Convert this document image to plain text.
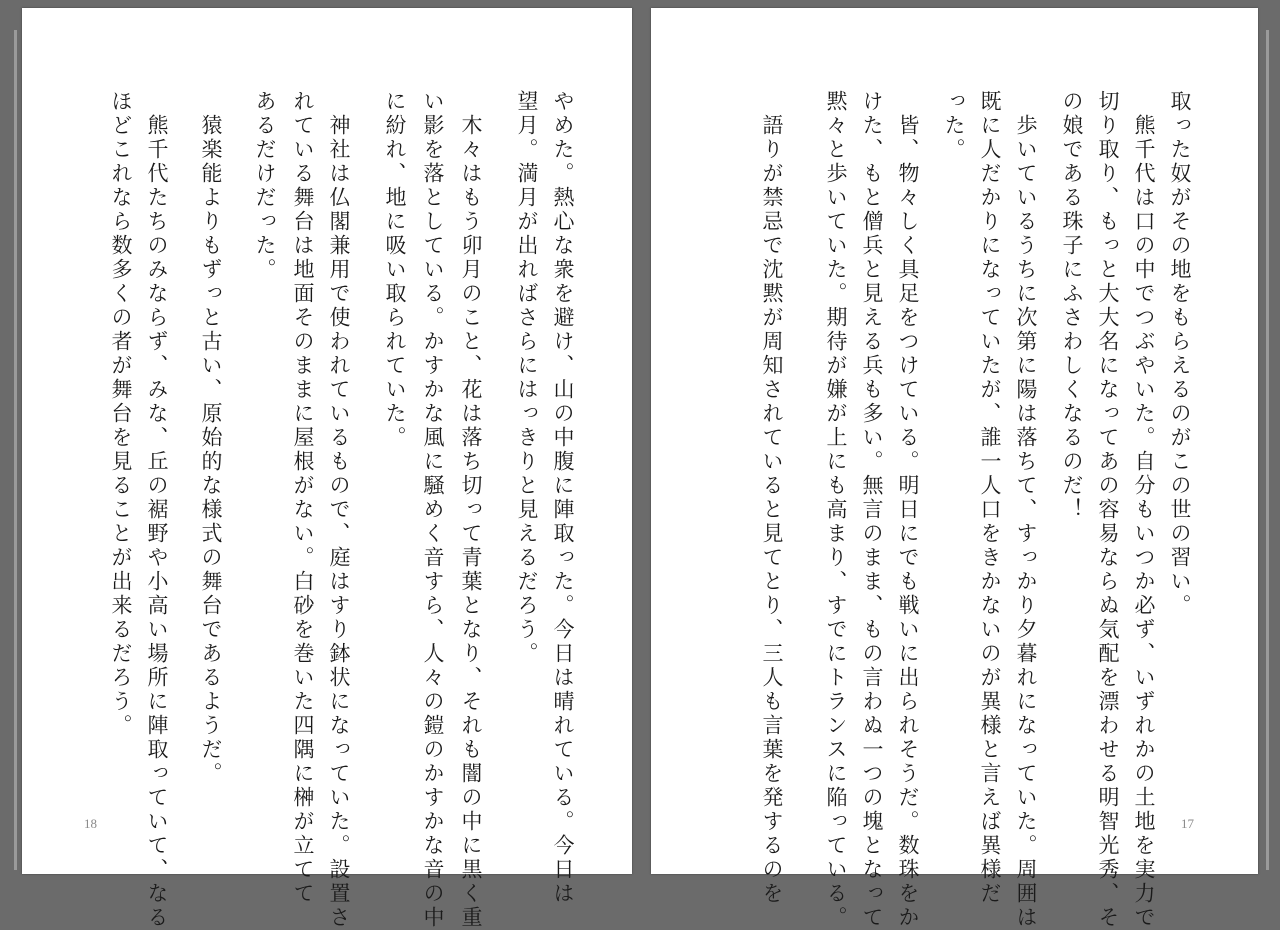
やめた。熱心な衆を避け、山の中腹に陣取った。今日は晴れている。今日は
望月。満月が出ればさらにはっきりと見えるだろう。
木々はもう卯月のこと、花は落ち切って青葉となり、それも闇の中に黒く重
い影を落としている。かすかな風に騒めく音すら、人々の鎧のかすかな音の中
に紛れ、地に吸い取られていた。
神社は仏閣兼用で使われているもので、庭はすり鉢状になっていた。設置さ
れている舞台は地面そのままに屋根がない。白砂を巻いた四隅に榊が立てて
あるだけだった。
猿楽能よりもずっと古い、原始的な様式の舞台であるようだ。
熊千代たちのみならず、みな、丘の裾野や小高い場所に陣取っていて、なる
ほどこれなら数多くの者が舞台を見ることが出来るだろう。
18
取った奴がその地をもらえるのがこの世の習い。
熊千代は口の中でつぶやいた。自分もいつか必ず、いずれかの土地を実力で
切り取り、もっと大大名になってあの容易ならぬ気配を漂わせる明智光秀、そ
の娘である珠子にふさわしくなるのだ！
歩いているうちに次第に陽は落ちて、すっかり夕暮れになっていた。周囲は
既に人だかりになっていたが、誰一人口をきかないのが異様と言えば異様だ
った。
皆、物々しく具足をつけている。明日にでも戦いに出られそうだ。数珠をか
けた、もと僧兵と見える兵も多い。無言のまま、もの言わぬ一つの塊となって
黙々と歩いていた。期待が嫌が上にも高まり、すでにトランスに陥っている。
語りが禁忌で沈黙が周知されていると見てとり、三人も言葉を発するのを	17
